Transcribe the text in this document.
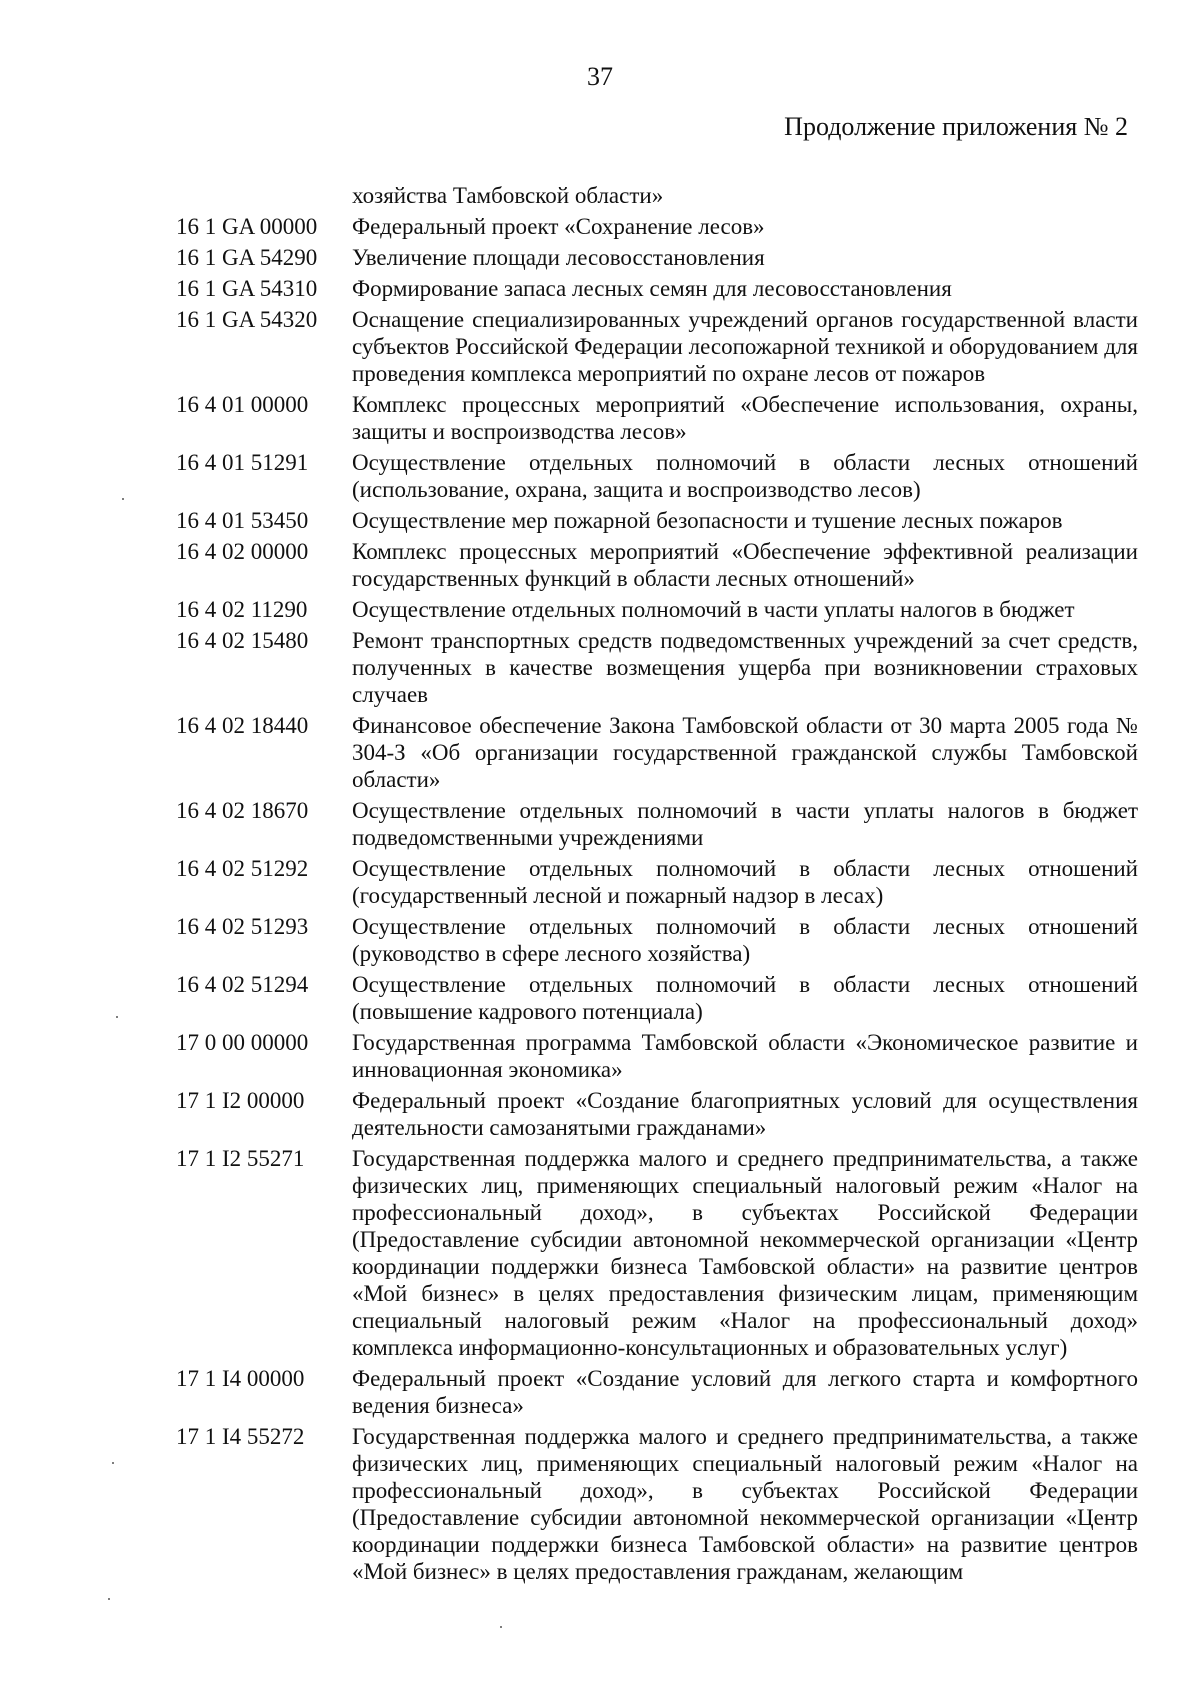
37
Продолжение приложения № 2
хозяйства Тамбовской области»
16 1 GA 00000	Федеральный проект «Сохранение лесов»
16 1 GA 54290	Увеличение площади лесовосстановления
16 1 GA 54310	Формирование запаса лесных семян для лесовосстановления
16 1 GA 54320	Оснащение специализированных учреждений органов государственной власти субъектов Российской Федерации лесопожарной техникой и оборудованием для проведения комплекса мероприятий по охране лесов от пожаров
16 4 01 00000	Комплекс процессных мероприятий «Обеспечение использования, охраны, защиты и воспроизводства лесов»
16 4 01 51291	Осуществление отдельных полномочий в области лесных отношений (использование, охрана, защита и воспроизводство лесов)
16 4 01 53450	Осуществление мер пожарной безопасности и тушение лесных пожаров
16 4 02 00000	Комплекс процессных мероприятий «Обеспечение эффективной реализации государственных функций в области лесных отношений»
16 4 02 11290	Осуществление отдельных полномочий в части уплаты налогов в бюджет
16 4 02 15480	Ремонт транспортных средств подведомственных учреждений за счет средств, полученных в качестве возмещения ущерба при возникновении страховых случаев
16 4 02 18440	Финансовое обеспечение Закона Тамбовской области от 30 марта 2005 года № 304-З «Об организации государственной гражданской службы Тамбовской области»
16 4 02 18670	Осуществление отдельных полномочий в части уплаты налогов в бюджет подведомственными учреждениями
16 4 02 51292	Осуществление отдельных полномочий в области лесных отношений (государственный лесной и пожарный надзор в лесах)
16 4 02 51293	Осуществление отдельных полномочий в области лесных отношений (руководство в сфере лесного хозяйства)
16 4 02 51294	Осуществление отдельных полномочий в области лесных отношений (повышение кадрового потенциала)
17 0 00 00000	Государственная программа Тамбовской области «Экономическое развитие и инновационная экономика»
17 1 I2 00000	Федеральный проект «Создание благоприятных условий для осуществления деятельности самозанятыми гражданами»
17 1 I2 55271	Государственная поддержка малого и среднего предпринимательства, а также физических лиц, применяющих специальный налоговый режим «Налог на профессиональный доход», в субъектах Российской Федерации (Предоставление субсидии автономной некоммерческой организации «Центр координации поддержки бизнеса Тамбовской области» на развитие центров «Мой бизнес» в целях предоставления физическим лицам, применяющим специальный налоговый режим «Налог на профессиональный доход» комплекса информационно-консультационных и образовательных услуг)
17 1 I4 00000	Федеральный проект «Создание условий для легкого старта и комфортного ведения бизнеса»
17 1 I4 55272	Государственная поддержка малого и среднего предпринимательства, а также физических лиц, применяющих специальный налоговый режим «Налог на профессиональный доход», в субъектах Российской Федерации (Предоставление субсидии автономной некоммерческой организации «Центр координации поддержки бизнеса Тамбовской области» на развитие центров «Мой бизнес» в целях предоставления гражданам, желающим
